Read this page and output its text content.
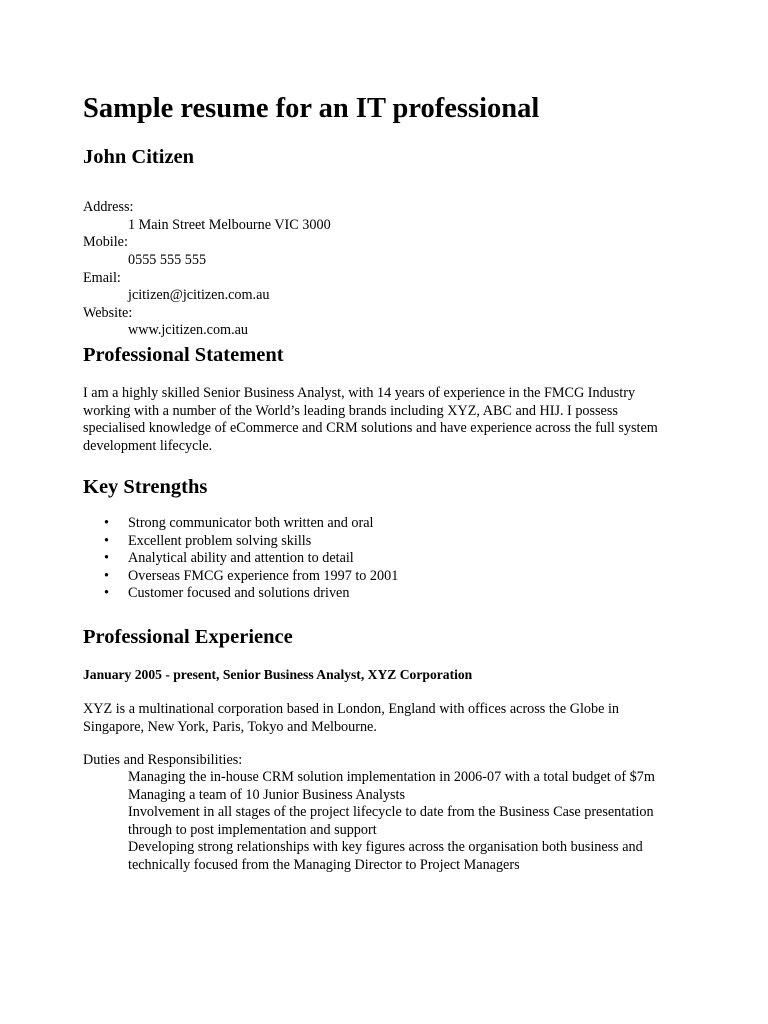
Sample resume for an IT professional
John Citizen
Address:
1 Main Street Melbourne VIC 3000
Mobile:
0555 555 555
Email:
jcitizen@jcitizen.com.au
Website:
www.jcitizen.com.au
Professional Statement

I am a highly skilled Senior Business Analyst, with 14 years of experience in the FMCG Industry working with a number of the World’s leading brands including XYZ, ABC and HIJ. I possess specialised knowledge of eCommerce and CRM solutions and have experience across the full system development lifecycle.

Key Strengths
• Strong communicator both written and oral
• Excellent problem solving skills
• Analytical ability and attention to detail
• Overseas FMCG experience from 1997 to 2001
• Customer focused and solutions driven
Professional Experience

January 2005 - present, Senior Business Analyst, XYZ Corporation

XYZ is a multinational corporation based in London, England with offices across the Globe in Singapore, New York, Paris, Tokyo and Melbourne.

Duties and Responsibilities:

Managing the in-house CRM solution implementation in 2006-07 with a total budget of $7m
Managing a team of 10 Junior Business Analysts
Involvement in all stages of the project lifecycle to date from the Business Case presentation through to post implementation and support
Developing strong relationships with key figures across the organisation both business and technically focused from the Managing Director to Project Managers
